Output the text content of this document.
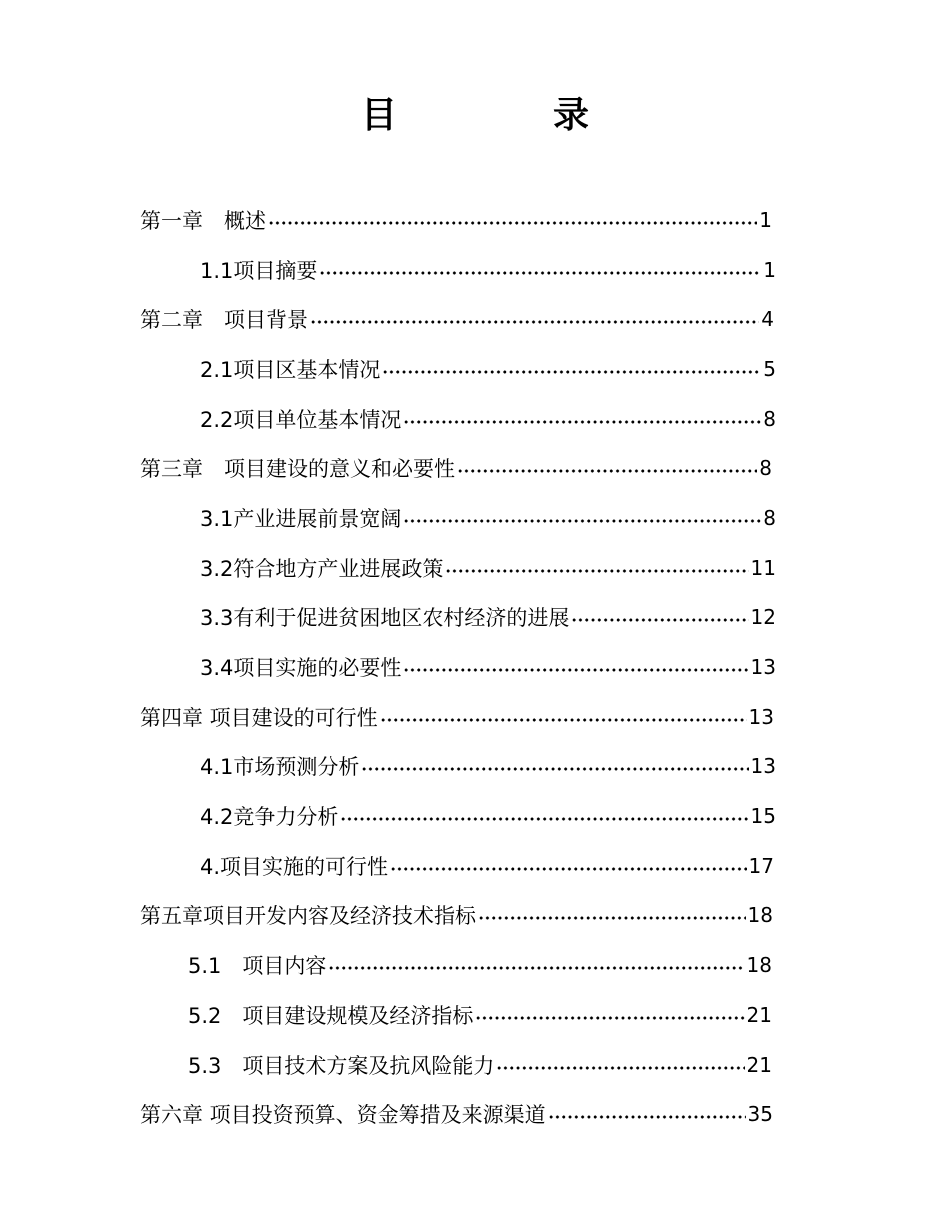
目　录
第一章　概述	1
1.1项目摘要	1
第二章　项目背景	4
2.1项目区基本情况	5
2.2项目单位基本情况	8
第三章　项目建设的意义和必要性	8
3.1产业进展前景宽阔	8
3.2符合地方产业进展政策	11
3.3有利于促进贫困地区农村经济的进展	12
3.4项目实施的必要性	13
第四章 项目建设的可行性	13
4.1市场预测分析	13
4.2竞争力分析	15
4.项目实施的可行性	17
第五章项目开发内容及经济技术指标	18
5.1　项目内容	18
5.2　项目建设规模及经济指标	21
5.3　项目技术方案及抗风险能力	21
第六章 项目投资预算、资金筹措及来源渠道	35
